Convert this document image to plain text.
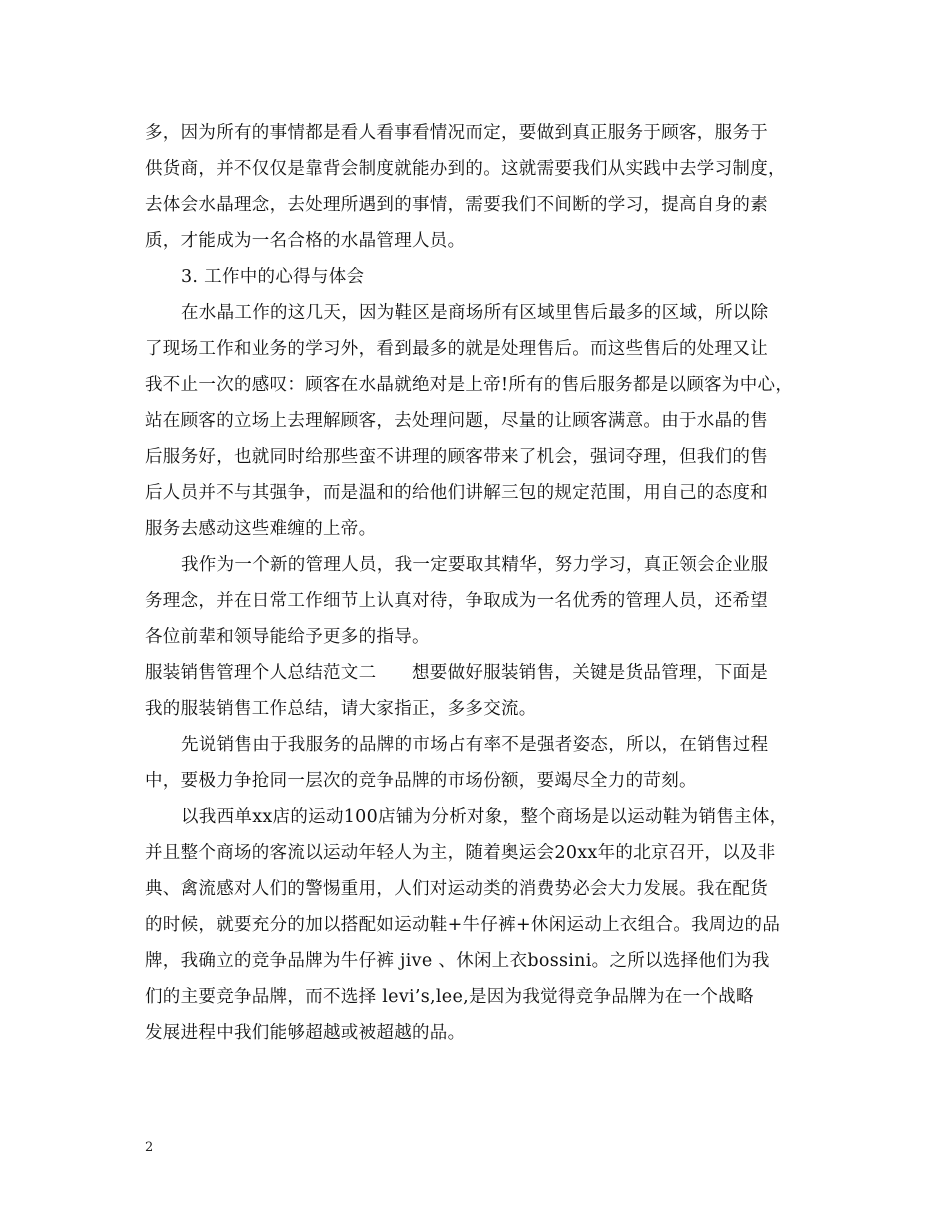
多，因为所有的事情都是看人看事看情况而定，要做到真正服务于顾客，服务于
供货商，并不仅仅是靠背会制度就能办到的。这就需要我们从实践中去学习制度，
去体会水晶理念，去处理所遇到的事情，需要我们不间断的学习，提高自身的素
质，才能成为一名合格的水晶管理人员。
3. 工作中的心得与体会
在水晶工作的这几天，因为鞋区是商场所有区域里售后最多的区域，所以除
了现场工作和业务的学习外，看到最多的就是处理售后。而这些售后的处理又让
我不止一次的感叹：顾客在水晶就绝对是上帝!所有的售后服务都是以顾客为中心，
站在顾客的立场上去理解顾客，去处理问题，尽量的让顾客满意。由于水晶的售
后服务好，也就同时给那些蛮不讲理的顾客带来了机会，强词夺理，但我们的售
后人员并不与其强争，而是温和的给他们讲解三包的规定范围，用自己的态度和
服务去感动这些难缠的上帝。
我作为一个新的管理人员，我一定要取其精华，努力学习，真正领会企业服
务理念，并在日常工作细节上认真对待，争取成为一名优秀的管理人员，还希望
各位前辈和领导能给予更多的指导。
服装销售管理个人总结范文二　　想要做好服装销售，关键是货品管理，下面是
我的服装销售工作总结，请大家指正，多多交流。
先说销售由于我服务的品牌的市场占有率不是强者姿态，所以，在销售过程
中，要极力争抢同一层次的竞争品牌的市场份额，要竭尽全力的苛刻。
以我西单xx店的运动100店铺为分析对象，整个商场是以运动鞋为销售主体，
并且整个商场的客流以运动年轻人为主，随着奥运会20xx年的北京召开，以及非
典、禽流感对人们的警惕重用，人们对运动类的消费势必会大力发展。我在配货
的时候，就要充分的加以搭配如运动鞋+牛仔裤+休闲运动上衣组合。我周边的品
牌，我确立的竞争品牌为牛仔裤 jive 、休闲上衣bossini。之所以选择他们为我
们的主要竞争品牌，而不选择 levi’s,lee,是因为我觉得竞争品牌为在一个战略
发展进程中我们能够超越或被超越的品。
2
